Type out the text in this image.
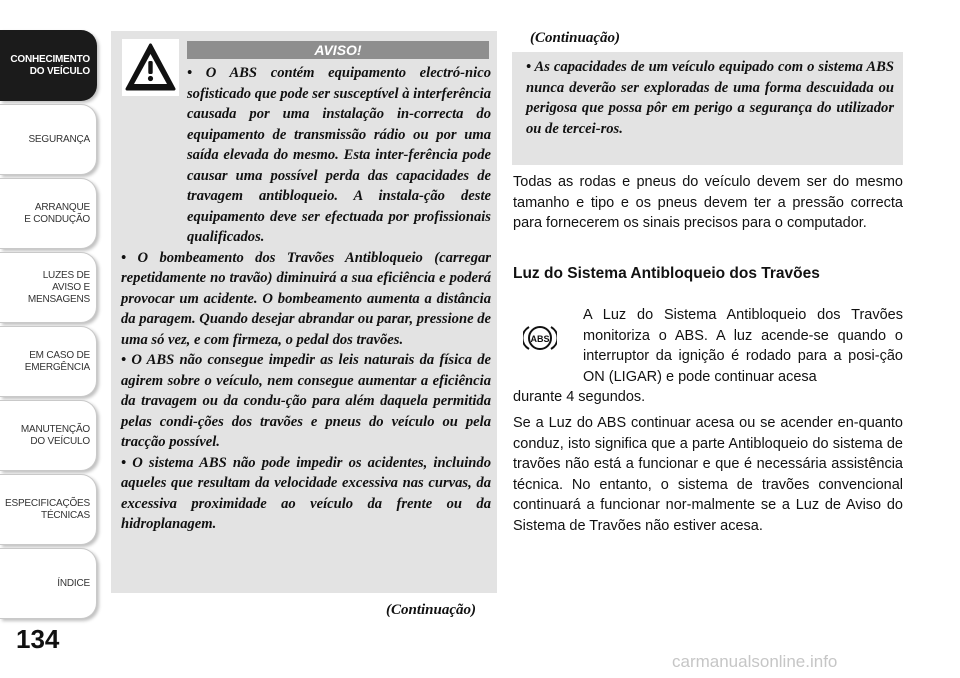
CONHECIMENTO
DO VEÍCULO
SEGURANÇA
ARRANQUE
E CONDUÇÃO
LUZES DE
AVISO E
MENSAGENS
EM CASO DE
EMERGÊNCIA
MANUTENÇÃO
DO VEÍCULO
ESPECIFICAÇÕES
TÉCNICAS
ÍNDICE
134
AVISO!

• O ABS contém equipamento electró-nico sofisticado que pode ser susceptível à interferência causada por uma instalação in-correcta do equipamento de transmissão rádio ou por uma saída elevada do mesmo. Esta inter-ferência pode causar uma possível perda das capacidades de travagem antibloqueio. A instala-ção deste equipamento deve ser efectuada por profissionais qualificados.

• O bombeamento dos Travões Antibloqueio (carregar repetidamente no travão) diminuirá a sua eficiência e poderá provocar um acidente. O bombeamento aumenta a distância da paragem. Quando desejar abrandar ou parar, pressione de uma só vez, e com firmeza, o pedal dos travões.

• O ABS não consegue impedir as leis naturais da física de agirem sobre o veículo, nem consegue aumentar a eficiência da travagem ou da condu-ção para além daquela permitida pelas condi-ções dos travões e pneus do veículo ou pela tracção possível.

• O sistema ABS não pode impedir os acidentes, incluindo aqueles que resultam da velocidade excessiva nas curvas, da excessiva proximidade ao veículo da frente ou da hidroplanagem.

(Continuação)
(Continuação)
• As capacidades de um veículo equipado com o sistema ABS nunca deverão ser exploradas de uma forma descuidada ou perigosa que possa pôr em perigo a segurança do utilizador ou de tercei-ros.
Todas as rodas e pneus do veículo devem ser do mesmo tamanho e tipo e os pneus devem ter a pressão correcta para fornecerem os sinais precisos para o computador.
Luz do Sistema Antibloqueio dos Travões
ABS
A Luz do Sistema Antibloqueio dos Travões monitoriza o ABS. A luz acende-se quando o interruptor da ignição é rodado para a posi-ção ON (LIGAR) e pode continuar acesa
durante 4 segundos.
Se a Luz do ABS continuar acesa ou se acender en-quanto conduz, isto significa que a parte Antibloqueio do sistema de travões não está a funcionar e que é necessária assistência técnica. No entanto, o sistema de travões convencional continuará a funcionar nor-malmente se a Luz de Aviso do Sistema de Travões não estiver acesa.
carmanualsonline.info
